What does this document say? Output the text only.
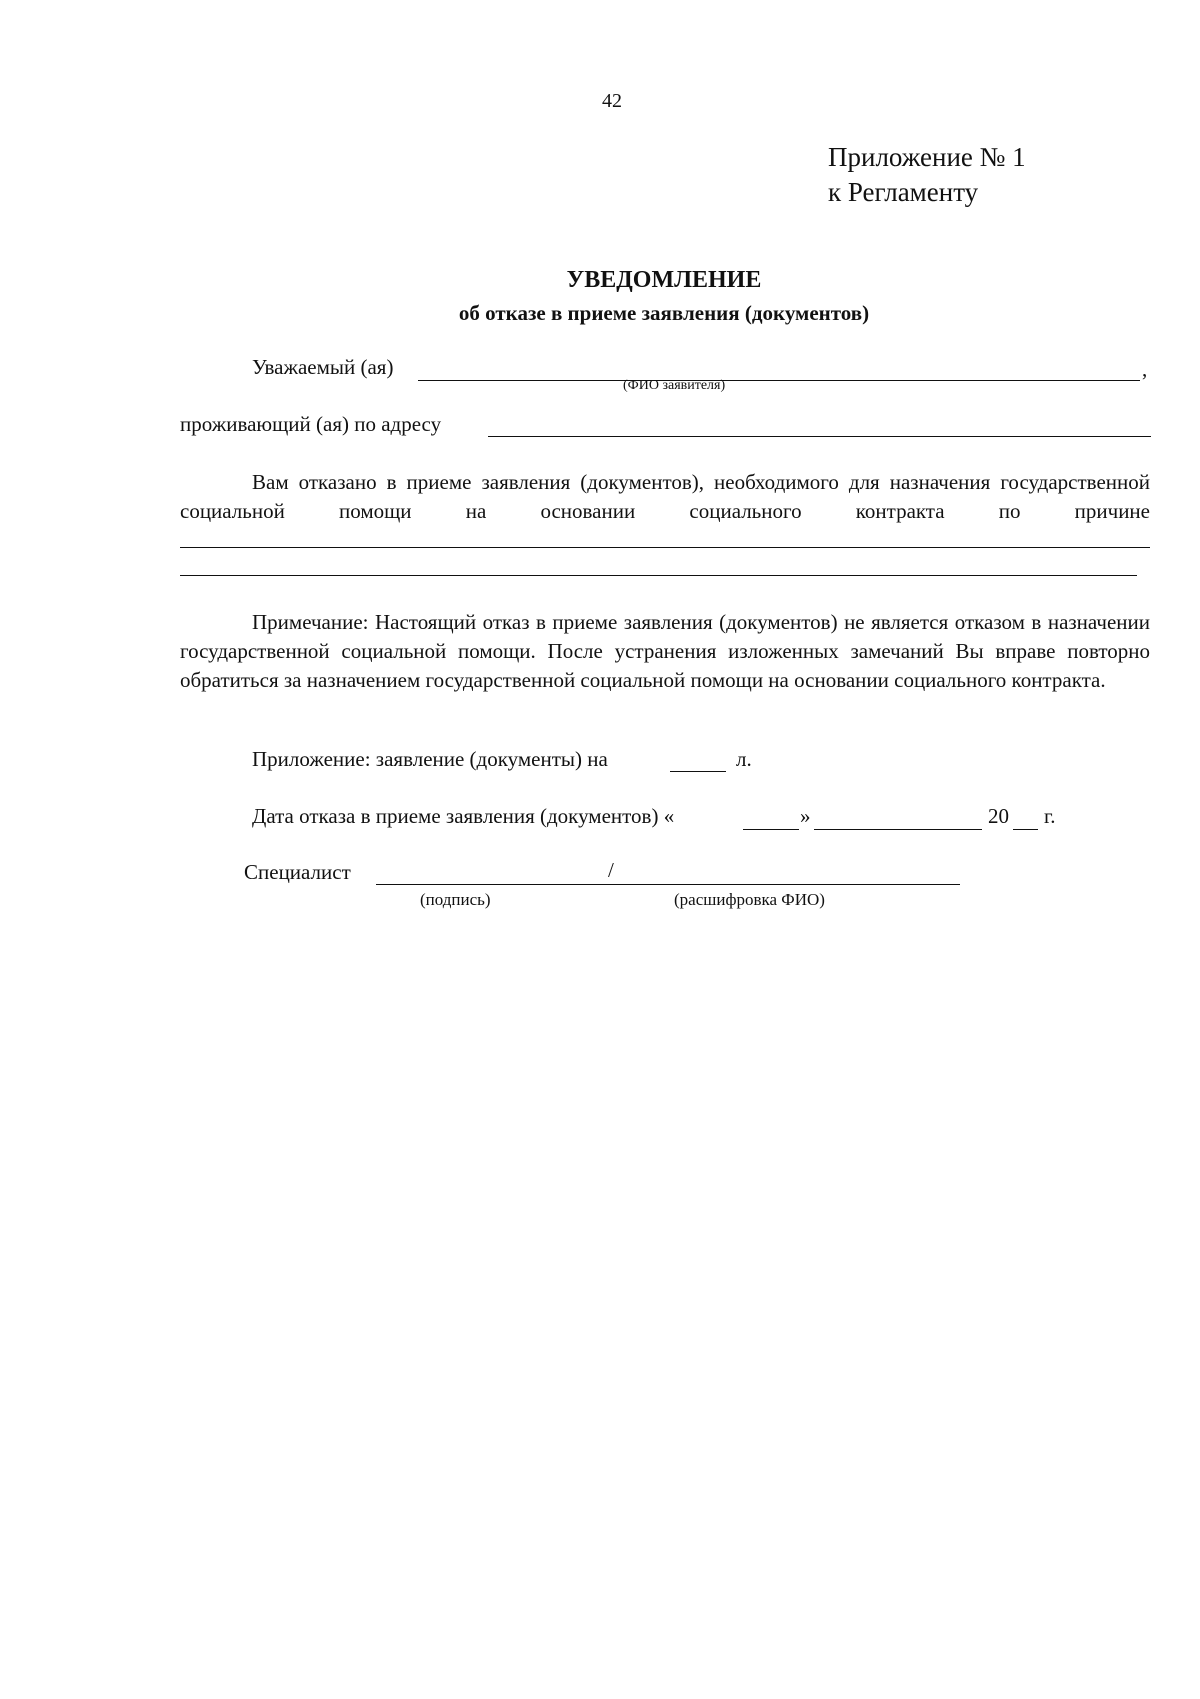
42
Приложение № 1
к Регламенту
УВЕДОМЛЕНИЕ
об отказе в приеме заявления (документов)
Уважаемый (ая)	,
(ФИО заявителя)
проживающий (ая) по адресу
Вам отказано в приеме заявления (документов), необходимого для назначения государственной социальной помощи на основании социального контракта по причине
Примечание: Настоящий отказ в приеме заявления (документов) не является отказом в назначении государственной социальной помощи. После устранения изложенных замечаний Вы вправе повторно обратиться за назначением государственной социальной помощи на основании социального контракта.
Приложение: заявление (документы) на	л.
Дата отказа в приеме заявления (документов) «	»	20 г.
Специалист	/
(подпись)	(расшифровка ФИО)
